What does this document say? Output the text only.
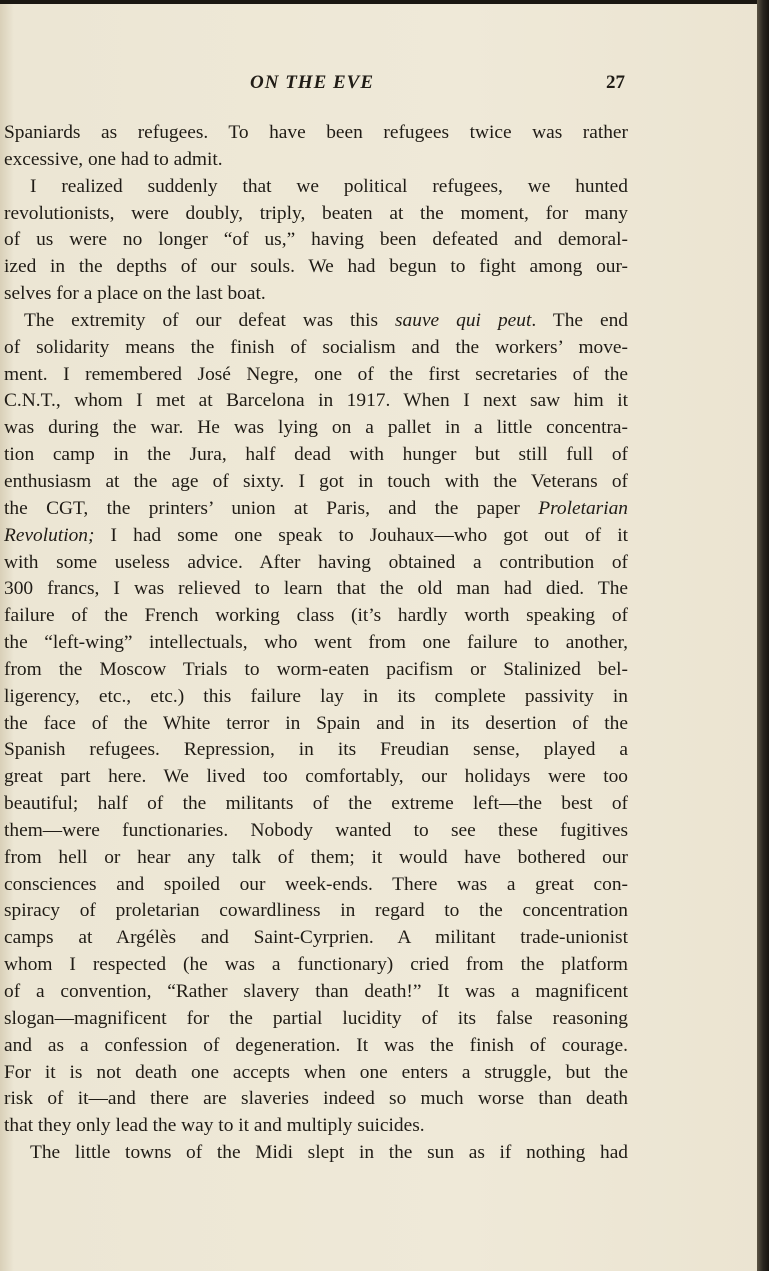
ON THE EVE	27
Spaniards as refugees. To have been refugees twice was rather
excessive, one had to admit.
I realized suddenly that we political refugees, we hunted
revolutionists, were doubly, triply, beaten at the moment, for many
of us were no longer “of us,” having been defeated and demoral-
ized in the depths of our souls. We had begun to fight among our-
selves for a place on the last boat.
The extremity of our defeat was this sauve qui peut. The end
of solidarity means the finish of socialism and the workers’ move-
ment. I remembered José Negre, one of the first secretaries of the
C.N.T., whom I met at Barcelona in 1917. When I next saw him it
was during the war. He was lying on a pallet in a little concentra-
tion camp in the Jura, half dead with hunger but still full of
enthusiasm at the age of sixty. I got in touch with the Veterans of
the CGT, the printers’ union at Paris, and the paper Proletarian
Revolution; I had some one speak to Jouhaux—who got out of it
with some useless advice. After having obtained a contribution of
300 francs, I was relieved to learn that the old man had died. The
failure of the French working class (it’s hardly worth speaking of
the “left-wing” intellectuals, who went from one failure to another,
from the Moscow Trials to worm-eaten pacifism or Stalinized bel-
ligerency, etc., etc.) this failure lay in its complete passivity in
the face of the White terror in Spain and in its desertion of the
Spanish refugees. Repression, in its Freudian sense, played a
great part here. We lived too comfortably, our holidays were too
beautiful; half of the militants of the extreme left—the best of
them—were functionaries. Nobody wanted to see these fugitives
from hell or hear any talk of them; it would have bothered our
consciences and spoiled our week-ends. There was a great con-
spiracy of proletarian cowardliness in regard to the concentration
camps at Argélès and Saint-Cyrprien. A militant trade-unionist
whom I respected (he was a functionary) cried from the platform
of a convention, “Rather slavery than death!” It was a magnificent
slogan—magnificent for the partial lucidity of its false reasoning
and as a confession of degeneration. It was the finish of courage.
For it is not death one accepts when one enters a struggle, but the
risk of it—and there are slaveries indeed so much worse than death
that they only lead the way to it and multiply suicides.
The little towns of the Midi slept in the sun as if nothing had
